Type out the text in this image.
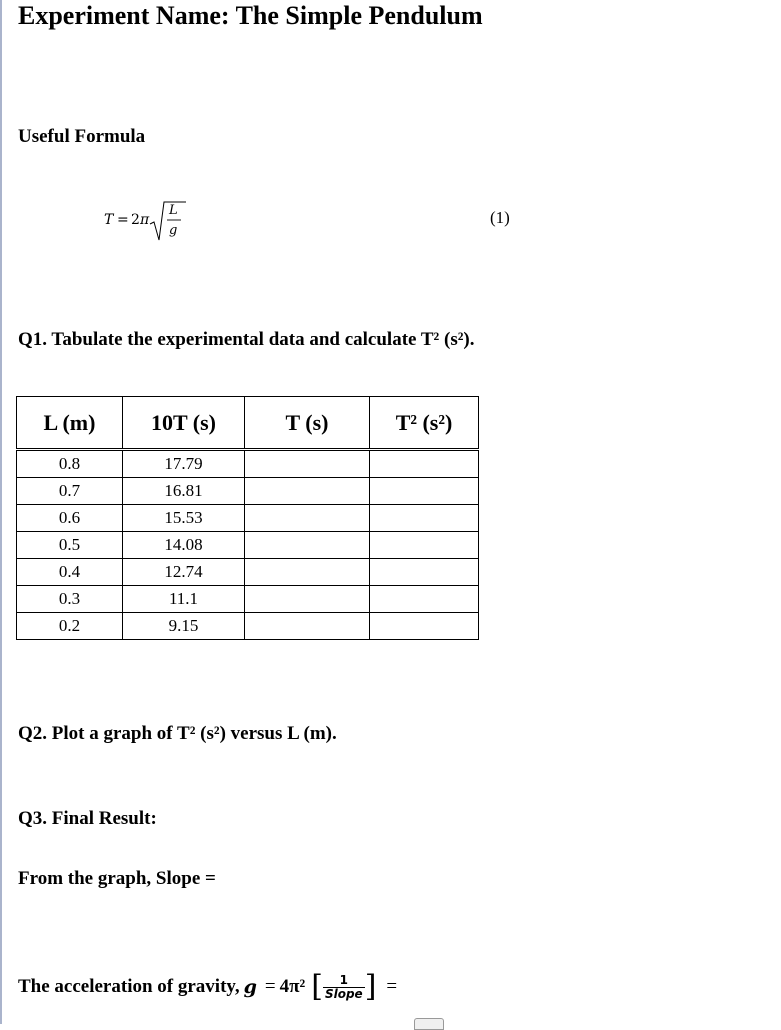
Experiment Name: The Simple Pendulum
Useful Formula
T = 2 π
L
g
(1)
Q1. Tabulate the experimental data and calculate T² (s²).
L (m)	10T (s)	T (s)	T² (s²)
0.8	17.79		
0.7	16.81		
0.6	15.53		
0.5	14.08		
0.4	12.74		
0.3	11.1		
0.2	9.15		
Q2. Plot a graph of T² (s²) versus L (m).
Q3. Final Result:
From the graph, Slope =
The acceleration of gravity, g = 4π² [ $\frac{1}{\text{Slope}}$ ] =
